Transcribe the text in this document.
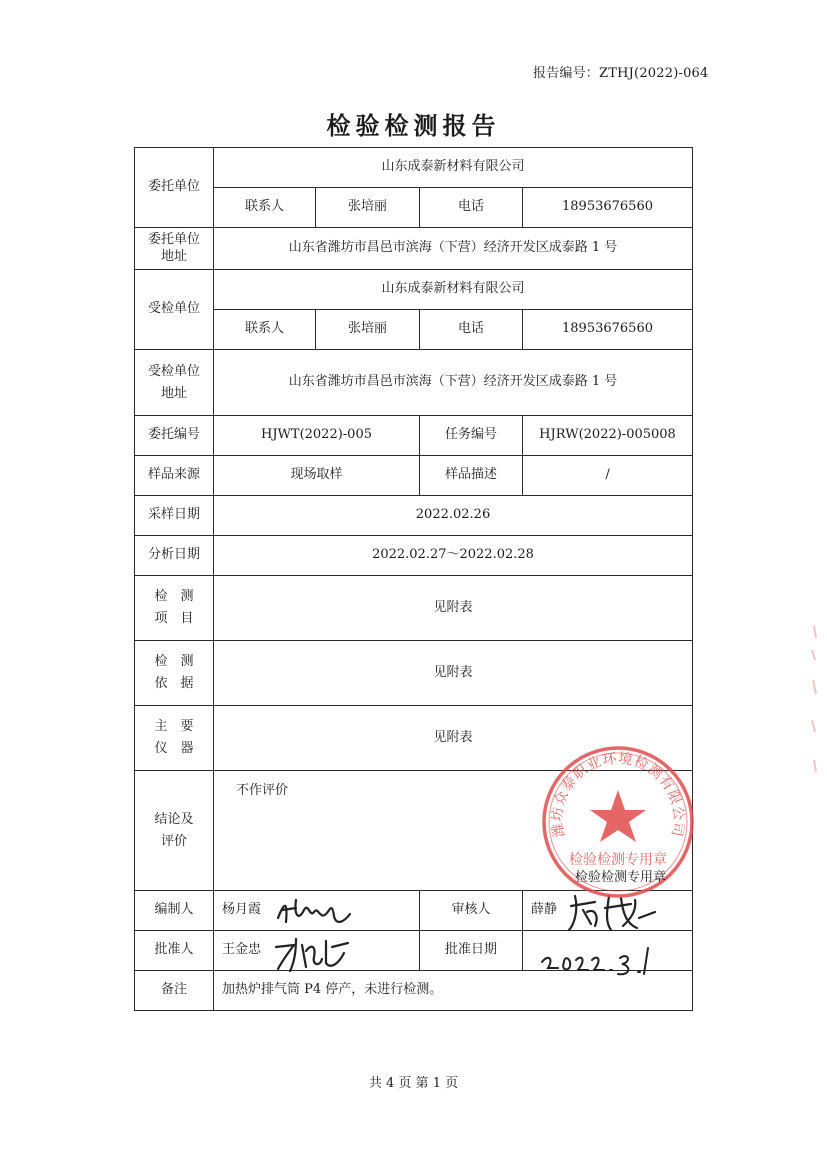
报告编号：ZTHJ(2022)-064
检验检测报告
委托单位	山东成泰新材料有限公司			
	联系人	张培丽	电话	18953676560

委托单位
地址	山东省潍坊市昌邑市滨海（下营）经济开发区成泰路 1 号			
受检单位	山东成泰新材料有限公司			
	联系人	张培丽	电话	18953676560

受检单位
地址	山东省潍坊市昌邑市滨海（下营）经济开发区成泰路 1 号			
委托编号	HJWT(2022)-005		任务编号	HJRW(2022)-005008
样品来源	现场取样		样品描述	/
采样日期	2022.02.26			
分析日期	2022.02.27～2022.02.28			

检　测
项　目	见附表			

检　测
依　据	见附表			

主　要
仪　器	见附表			

结论及
评价	不作评价			

编制人	杨月霞		审核人	薛静
批准人	王金忠		批准日期	
备注	加热炉排气筒 P4 停产，未进行检测。			
潍坊众泰职业环境检测有限公司
检验检测专用章
检验检测专用章
共 4 页 第 1 页
